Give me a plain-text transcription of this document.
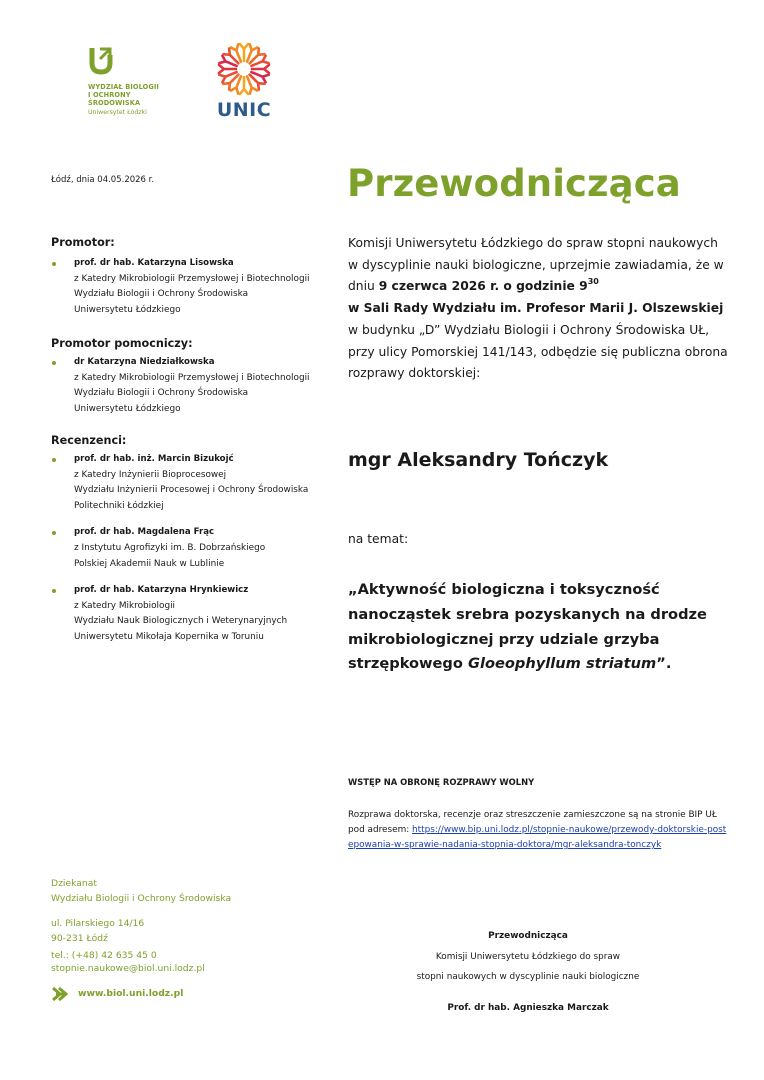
WYDZIAŁ BIOLOGII
I OCHRONY
ŚRODOWISKA
Uniwersytet Łódzki	UNIC
Łódź, dnia 04.05.2026 r.
Promotor:
prof. dr hab. Katarzyna Lisowska
z Katedry Mikrobiologii Przemysłowej i Biotechnologii
Wydziału Biologii i Ochrony Środowiska
Uniwersytetu Łódzkiego
Promotor pomocniczy:
dr Katarzyna Niedziałkowska
z Katedry Mikrobiologii Przemysłowej i Biotechnologii
Wydziału Biologii i Ochrony Środowiska
Uniwersytetu Łódzkiego
Recenzenci:
prof. dr hab. inż. Marcin Bizukojć
z Katedry Inżynierii Bioprocesowej
Wydziału Inżynierii Procesowej i Ochrony Środowiska
Politechniki Łódzkiej
prof. dr hab. Magdalena Frąc
z Instytutu Agrofizyki im. B. Dobrzańskiego
Polskiej Akademii Nauk w Lublinie
prof. dr hab. Katarzyna Hrynkiewicz
z Katedry Mikrobiologii
Wydziału Nauk Biologicznych i Weterynaryjnych
Uniwersytetu Mikołaja Kopernika w Toruniu
Przewodnicząca
Komisji Uniwersytetu Łódzkiego do spraw stopni naukowych w dyscyplinie nauki biologiczne, uprzejmie zawiadamia, że w dniu 9 czerwca 2026 r. o godzinie $9^{30}$
w Sali Rady Wydziału im. Profesor Marii J. Olszewskiej
w budynku „D” Wydziału Biologii i Ochrony Środowiska UŁ, przy ulicy Pomorskiej 141/143, odbędzie się publiczna obrona rozprawy doktorskiej:
mgr Aleksandry Tończyk
na temat:
„Aktywność biologiczna i toksyczność nanocząstek srebra pozyskanych na drodze mikrobiologicznej przy udziale grzyba strzępkowego Gloeophyllum striatum”.
WSTĘP NA OBRONĘ ROZPRAWY WOLNY
Rozprawa doktorska, recenzje oraz streszczenie zamieszczone są na stronie BIP UŁ pod adresem: https://www.bip.uni.lodz.pl/stopnie-naukowe/przewody-doktorskie-postepowania-w-sprawie-nadania-stopnia-doktora/mgr-aleksandra-tonczyk
Dziekanat
Wydziału Biologii i Ochrony Środowiska
ul. Pilarskiego 14/16
90-231 Łódź
tel.: (+48) 42 635 45 0
stopnie.naukowe@biol.uni.lodz.pl
www.biol.uni.lodz.pl
Przewodnicząca
Komisji Uniwersytetu Łódzkiego do spraw
stopni naukowych w dyscyplinie nauki biologiczne
Prof. dr hab. Agnieszka Marczak
